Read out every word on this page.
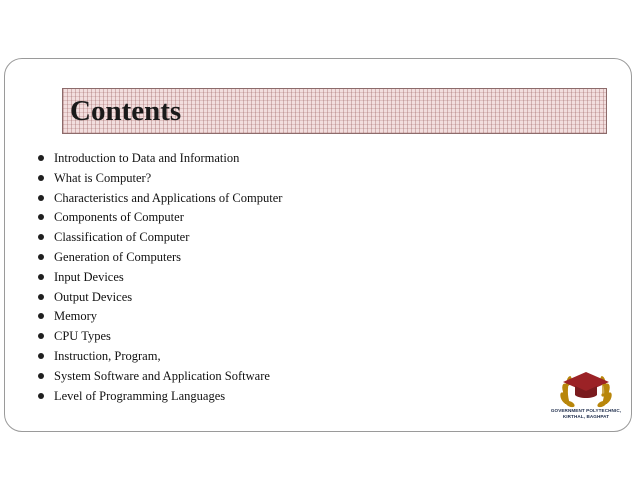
Contents
Introduction to Data and Information
What is Computer?
Characteristics and Applications of Computer
Components of Computer
Classification of Computer
Generation of Computers
Input Devices
Output Devices
Memory
CPU Types
Instruction, Program,
System Software and Application Software
Level of Programming Languages
GOVERNMENT POLYTECHNIC,
KIRTHAL, BAGHPAT
